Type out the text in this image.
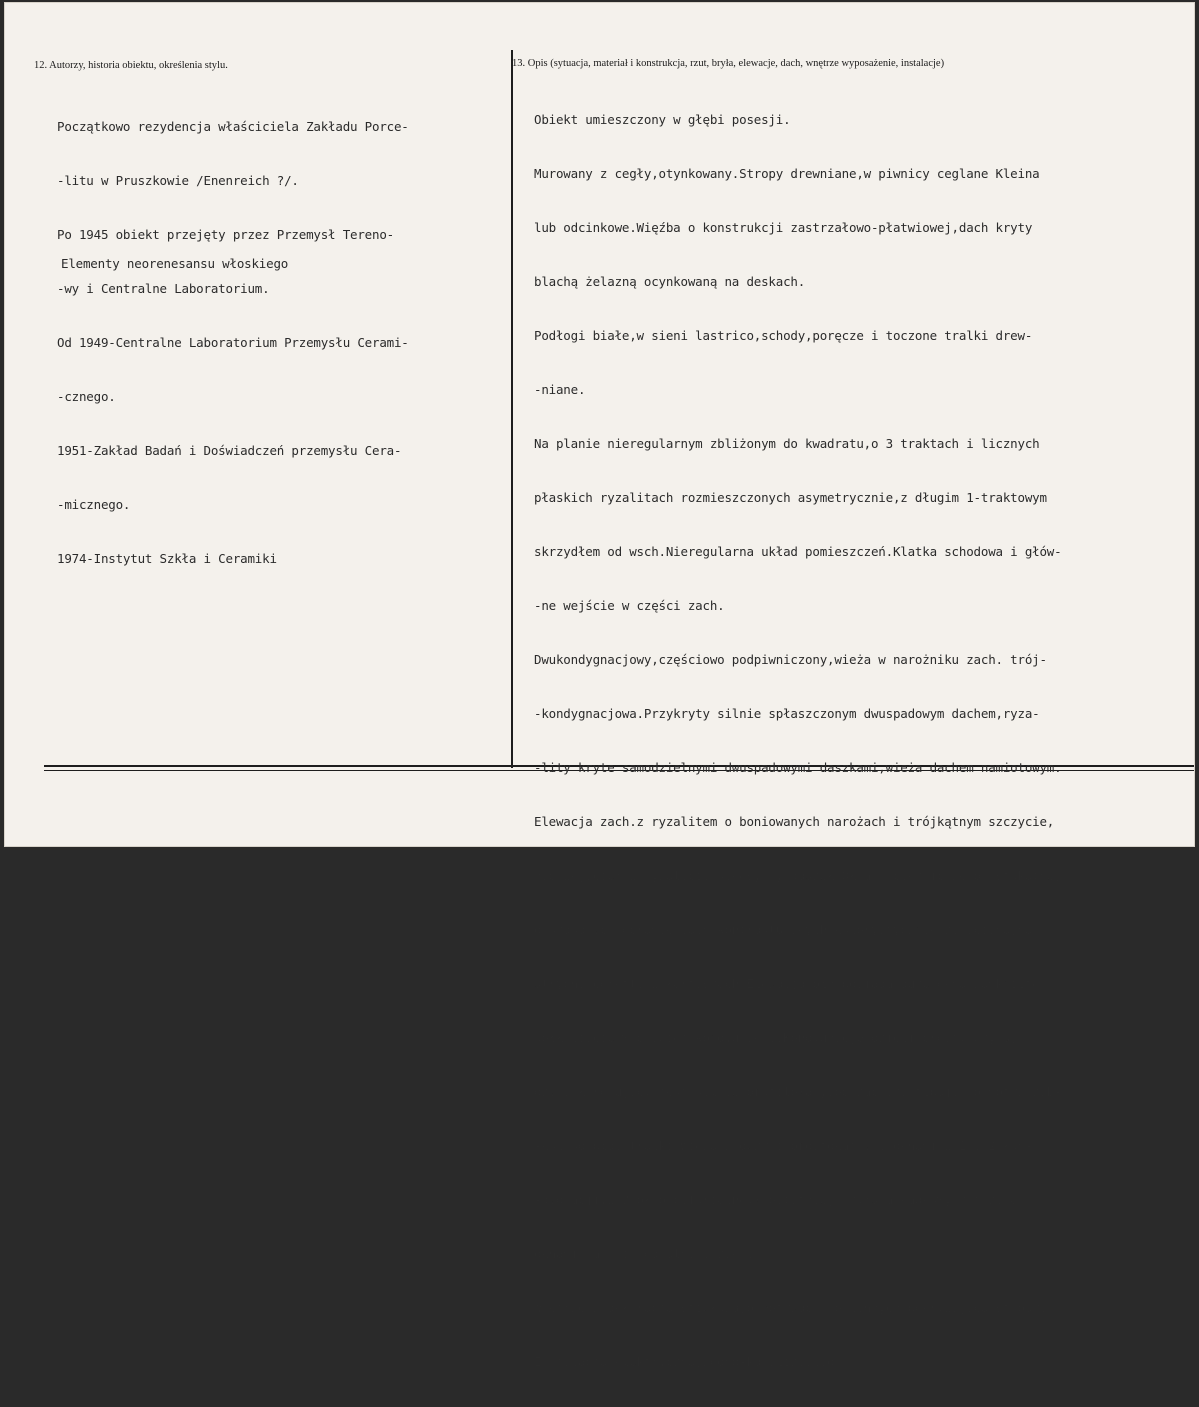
12. Autorzy, historia obiektu, określenia stylu.	13. Opis (sytuacja, materiał i konstrukcja, rzut, bryła, elewacje, dach, wnętrze wyposażenie, instalacje)

Początkowo rezydencja właściciela Zakładu Porce-

-litu w Pruszkowie /Enenreich ?/.

Po 1945 obiekt przejęty przez Przemysł Tereno-

-wy i Centralne Laboratorium.

Od 1949-Centralne Laboratorium Przemysłu Cerami-

-cznego.

1951-Zakład Badań i Doświadczeń przemysłu Cera-

-micznego.

1974-Instytut Szkła i Ceramiki

Elementy neorenesansu włoskiego

Obiekt umieszczony w głębi posesji.

Murowany z cegły,otynkowany.Stropy drewniane,w piwnicy ceglane Kleina

lub odcinkowe.Więźba o konstrukcji zastrzałowo-płatwiowej,dach kryty

blachą żelazną ocynkowaną na deskach.

Podłogi białe,w sieni lastrico,schody,poręcze i toczone tralki drew-

-niane.

Na planie nieregularnym zbliżonym do kwadratu,o 3 traktach i licznych

płaskich ryzalitach rozmieszczonych asymetrycznie,z długim 1-traktowym

skrzydłem od wsch.Nieregularna układ pomieszczeń.Klatka schodowa i głów-

-ne wejście w części zach.

Dwukondygnacjowy,częściowo podpiwniczony,wieża w narożniku zach. trój-

-kondygnacjowa.Przykryty silnie spłaszczonym dwuspadowym dachem,ryza-

-lity kryte samodzielnymi dwuspadowymi daszkami,wieża dachem namiotowym.

Elewacja zach.z ryzalitem o boniowanych narożach i trójkątnym szczycie,

nad wejściem w ryzalicie secesyjny daszek.Okna ościeżnicowe prostokątne,

o ozdobnych obramieniach kontrastujących kolorystycznie ze ścianą,na

strychu coretti w kartuszach.Elewacja płn.posiada duże okna zamknięte

półkoliście w drugiej kondygnacji.Kondygnacje dzieli prosty gzyms,

gzyms koronujący jest silnie profilowany,od zach.zastępuje go motyw ząb-

-ków,od płd. tralki.Wieża z dużymi prostokątnymi oknami w 1 i 2 kon-

-dygnacji,w 3 okno biforialne,w ostatniej gzyms arkadkowy z trzema

oknami na osi /od płn. i zach./

Wnętrze z dekoracją stiukową,o motywach roślinnych,pokrywającą stropy.

Instalacja elektryczna,wodno-kanaliz.,c.o.
